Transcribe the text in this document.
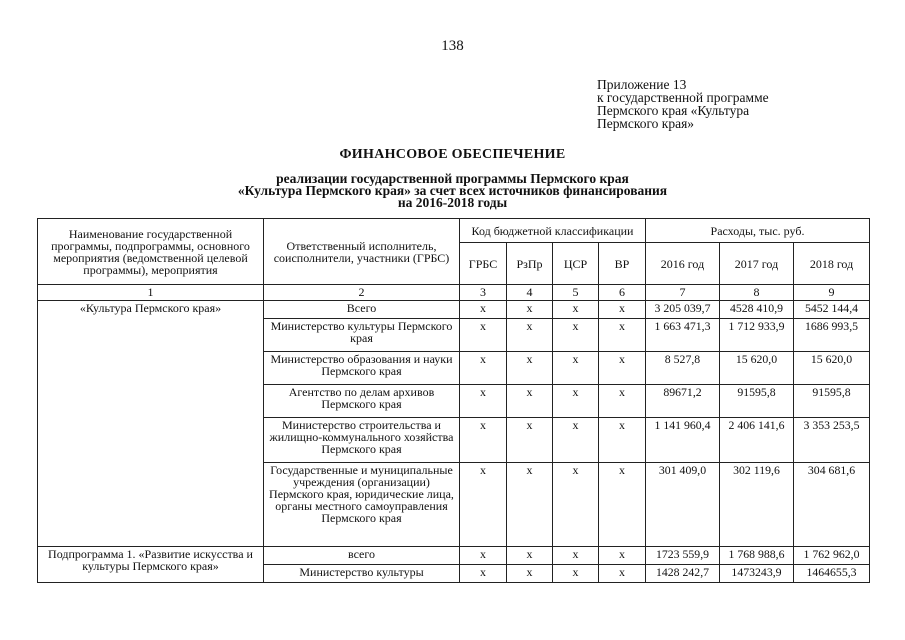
138
Приложение 13
к государственной программе
Пермского края «Культура
Пермского края»
ФИНАНСОВОЕ ОБЕСПЕЧЕНИЕ
реализации государственной программы Пермского края
«Культура Пермского края» за счет всех источников финансирования
на 2016-2018 годы
Наименование государственной программы, подпрограммы, основного мероприятия (ведомственной целевой программы), мероприятия	Ответственный исполнитель, соисполнители, участники (ГРБС)	Код бюджетной классификации				Расходы, тыс. руб.		
		ГРБС	РзПр	ЦСР	ВР	2016 год	2017 год	2018 год
1	2	3	4	5	6	7	8	9
«Культура Пермского края»	Всего	x	x	x	x	3 205 039,7	4528 410,9	5452 144,4
	Министерство культуры Пермского края	x	x	x	x	1 663 471,3	1 712 933,9	1686 993,5
	Министерство образования и науки Пермского края	x	x	x	x	8 527,8	15 620,0	15 620,0
	Агентство по делам архивов Пермского края	x	x	x	x	89671,2	91595,8	91595,8
	Министерство строительства и жилищно-коммунального хозяйства Пермского края	x	x	x	x	1 141 960,4	2 406 141,6	3 353 253,5
	Государственные и муниципальные учреждения (организации) Пермского края, юридические лица, органы местного самоуправления Пермского края	x	x	x	x	301 409,0	302 119,6	304 681,6
Подпрограмма 1. «Развитие искусства и культуры Пермского края»	всего	x	x	x	x	1723 559,9	1 768 988,6	1 762 962,0
	Министерство культуры	x	x	x	x	1428 242,7	1473243,9	1464655,3
